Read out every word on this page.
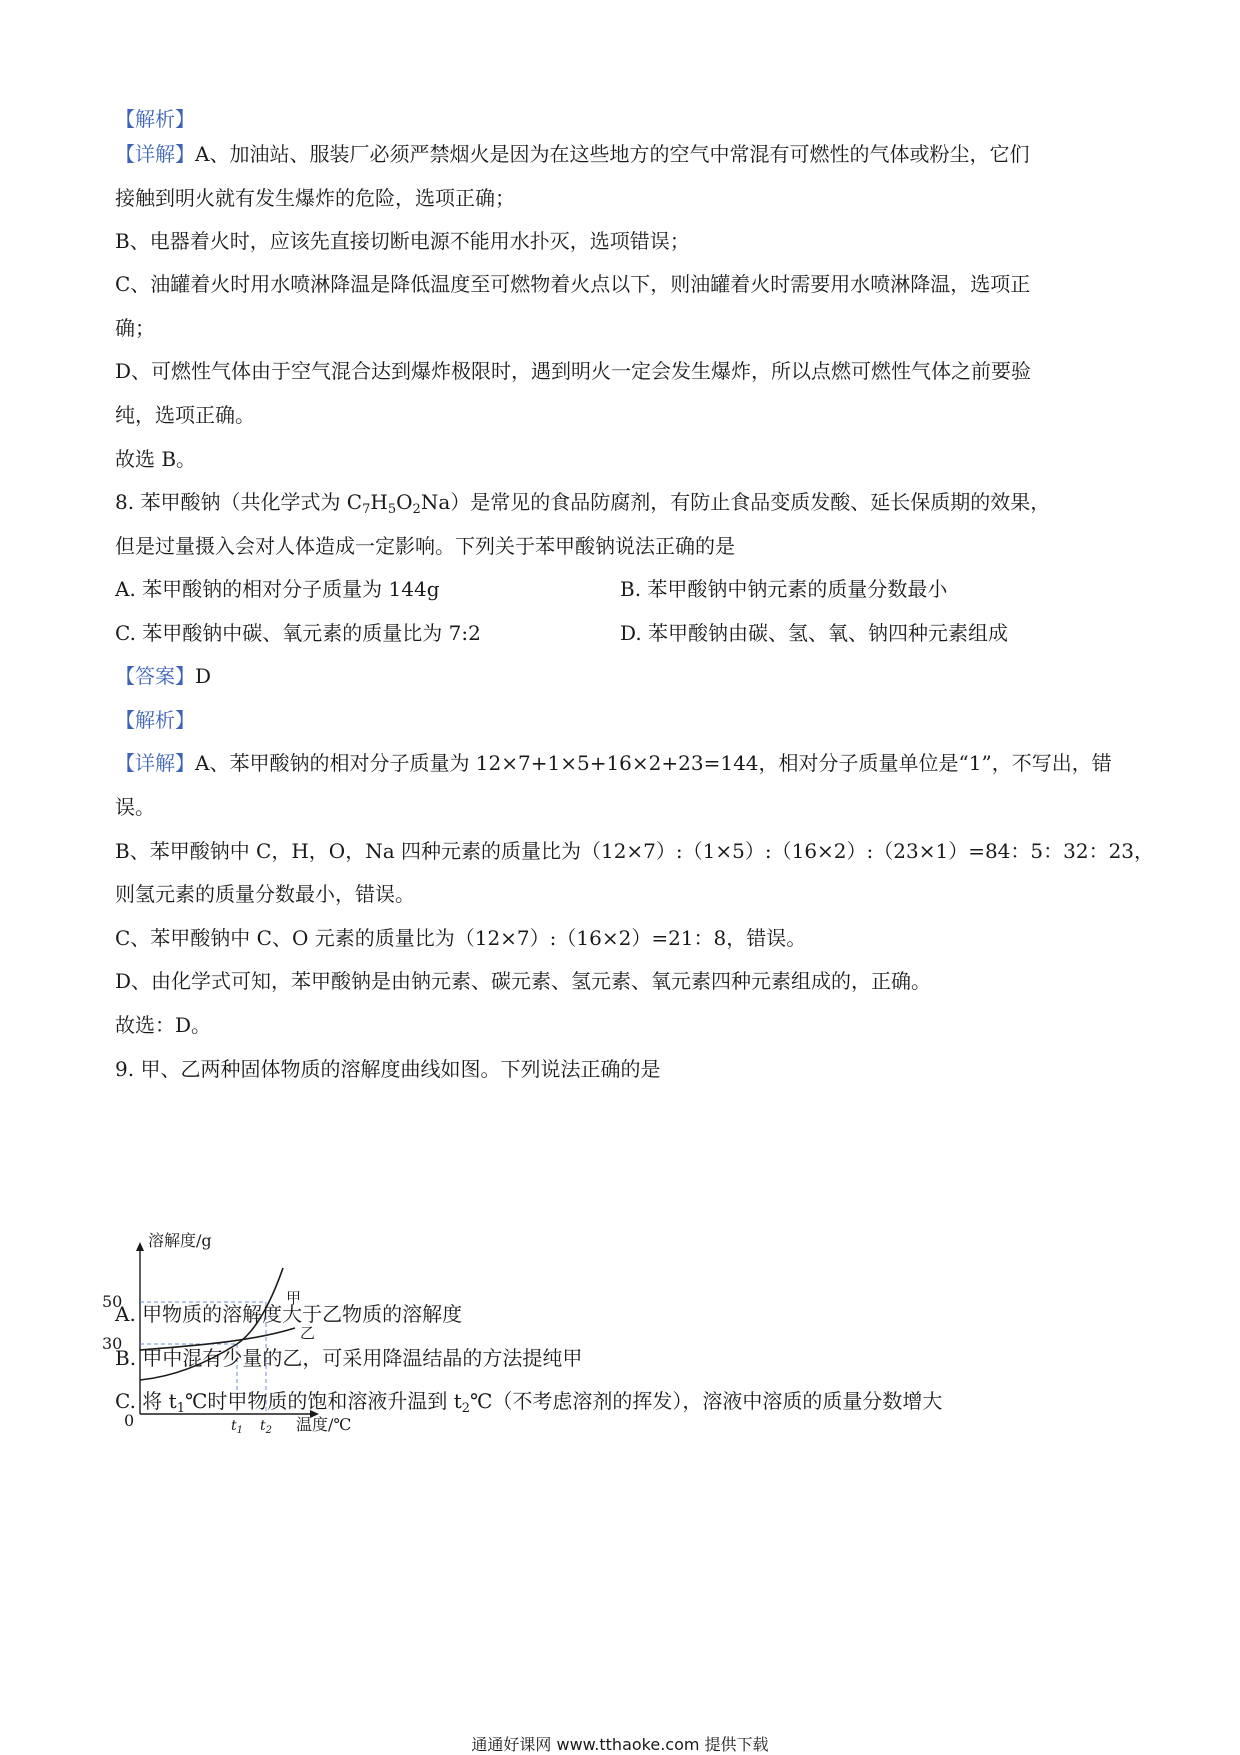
【解析】
【详解】A、加油站、服装厂必须严禁烟火是因为在这些地方的空气中常混有可燃性的气体或粉尘，它们
接触到明火就有发生爆炸的危险，选项正确；
B、电器着火时，应该先直接切断电源不能用水扑灭，选项错误；
C、油罐着火时用水喷淋降温是降低温度至可燃物着火点以下，则油罐着火时需要用水喷淋降温，选项正
确；
D、可燃性气体由于空气混合达到爆炸极限时，遇到明火一定会发生爆炸，所以点燃可燃性气体之前要验
纯，选项正确。
故选 B。
8. 苯甲酸钠（共化学式为 $C_7H_5O_2Na$）是常见的食品防腐剂，有防止食品变质发酸、延长保质期的效果，
但是过量摄入会对人体造成一定影响。下列关于苯甲酸钠说法正确的是
A. 苯甲酸钠的相对分子质量为 144g	B. 苯甲酸钠中钠元素的质量分数最小
C. 苯甲酸钠中碳、氧元素的质量比为 7:2	D. 苯甲酸钠由碳、氢、氧、钠四种元素组成
【答案】D
【解析】
【详解】A、苯甲酸钠的相对分子质量为 12×7+1×5+16×2+23=144，相对分子质量单位是“1”，不写出，错
误。
B、苯甲酸钠中 C，H，O，Na 四种元素的质量比为（12×7）:（1×5）:（16×2）:（23×1）=84：5：32：23，
则氢元素的质量分数最小，错误。
C、苯甲酸钠中 C、O 元素的质量比为（12×7）:（16×2）=21：8，错误。
D、由化学式可知，苯甲酸钠是由钠元素、碳元素、氢元素、氧元素四种元素组成的，正确。
故选：D。
9. 甲、乙两种固体物质的溶解度曲线如图。下列说法正确的是
溶解度/g
甲
乙
50
30
0	$t_1$ $t_2$ 温度/℃
A. 甲物质的溶解度大于乙物质的溶解度
B. 甲中混有少量的乙，可采用降温结晶的方法提纯甲
C. 将 $t_1℃$时甲物质的饱和溶液升温到 $t_2℃$（不考虑溶剂的挥发），溶液中溶质的质量分数增大
通通好课网 www.tthaoke.com 提供下载
